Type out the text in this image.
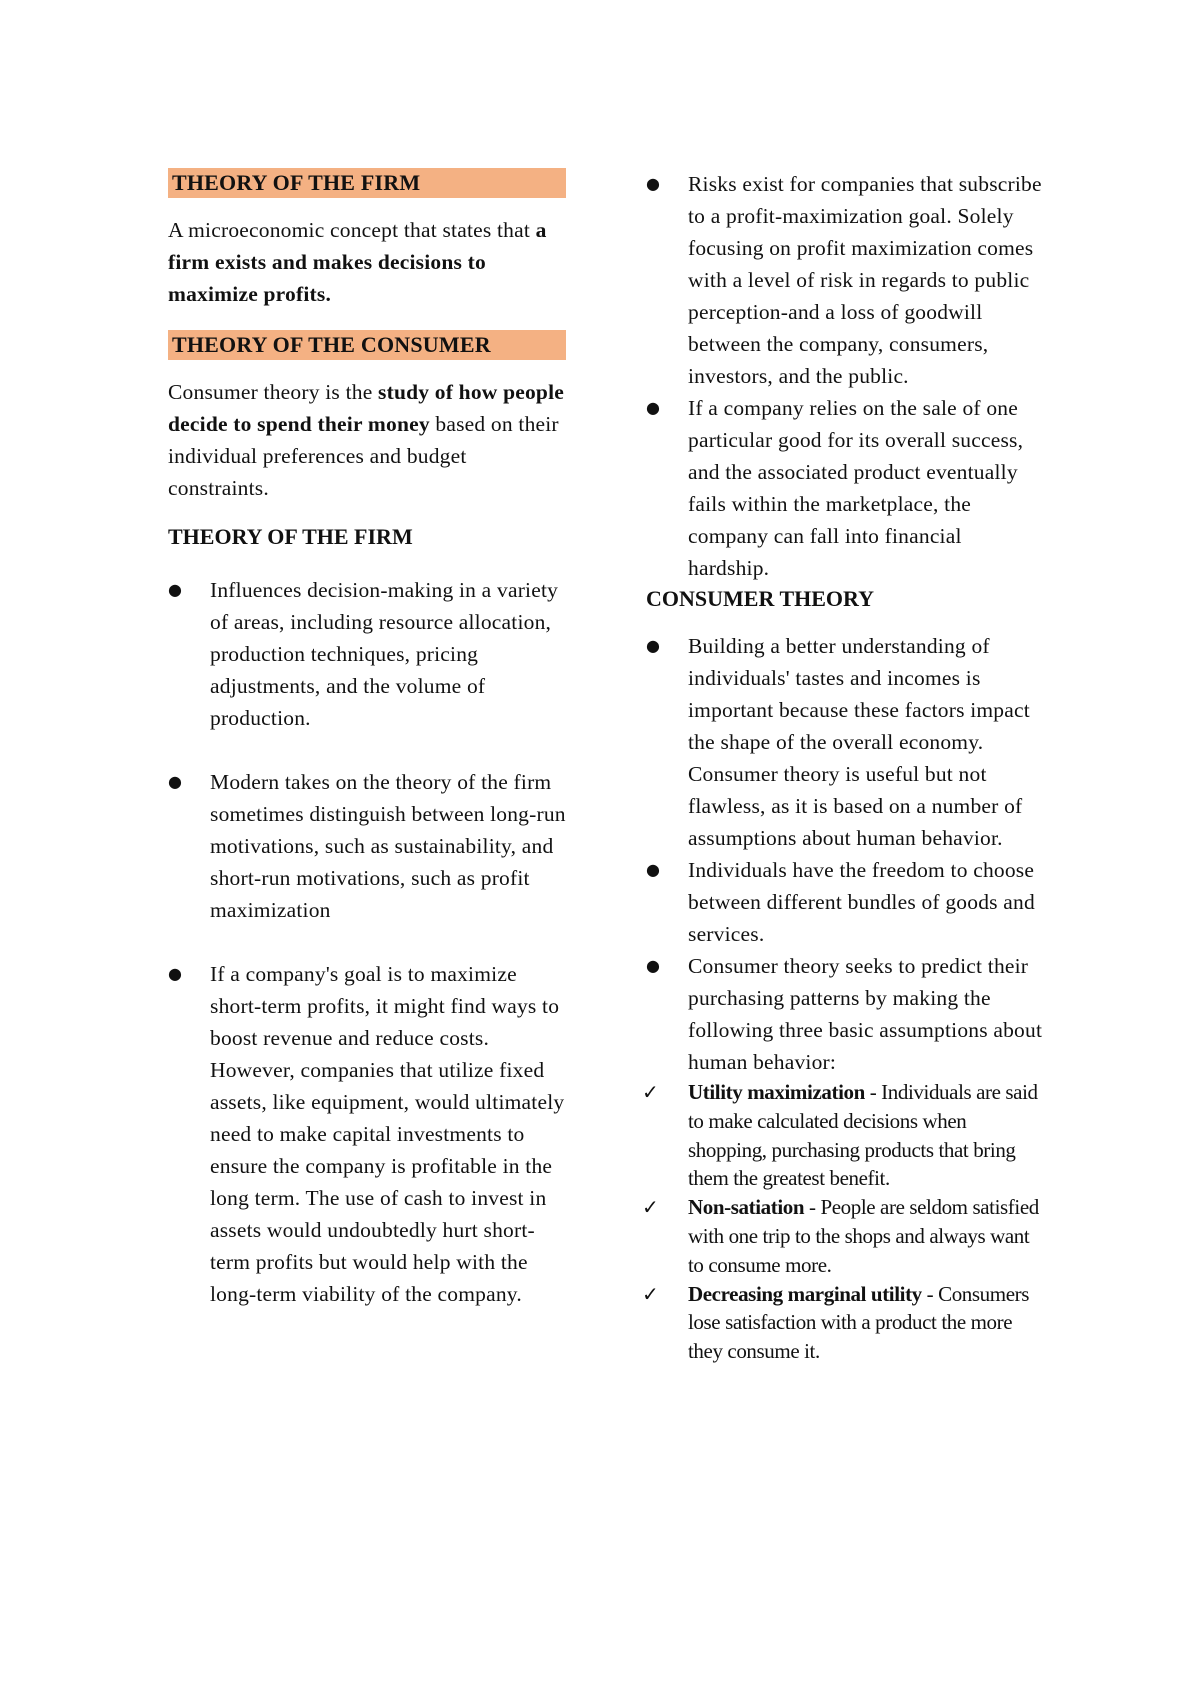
THEORY OF THE FIRM

A microeconomic concept that states that a firm exists and makes decisions to maximize profits.

THEORY OF THE CONSUMER

Consumer theory is the study of how people decide to spend their money based on their individual preferences and budget constraints.

THEORY OF THE FIRM
●	Influences decision-making in a variety of areas, including resource allocation, production techniques, pricing adjustments, and the volume of production.
●	Modern takes on the theory of the firm sometimes distinguish between long-run motivations, such as sustainability, and short-run motivations, such as profit maximization
●	If a company's goal is to maximize short-term profits, it might find ways to boost revenue and reduce costs. However, companies that utilize fixed assets, like equipment, would ultimately need to make capital investments to ensure the company is profitable in the long term. The use of cash to invest in assets would undoubtedly hurt short-term profits but would help with the long-term viability of the company.
●	Risks exist for companies that subscribe to a profit-maximization goal. Solely focusing on profit maximization comes with a level of risk in regards to public perception-and a loss of goodwill between the company, consumers, investors, and the public.
●	If a company relies on the sale of one particular good for its overall success, and the associated product eventually fails within the marketplace, the company can fall into financial hardship.
CONSUMER THEORY
●	Building a better understanding of individuals' tastes and incomes is important because these factors impact the shape of the overall economy. Consumer theory is useful but not flawless, as it is based on a number of assumptions about human behavior.
●	Individuals have the freedom to choose between different bundles of goods and services.
●	Consumer theory seeks to predict their purchasing patterns by making the following three basic assumptions about human behavior:
✓ Utility maximization - Individuals are said to make calculated decisions when shopping, purchasing products that bring them the greatest benefit.
✓ Non-satiation - People are seldom satisfied with one trip to the shops and always want to consume more.
✓ Decreasing marginal utility - Consumers lose satisfaction with a product the more they consume it.
